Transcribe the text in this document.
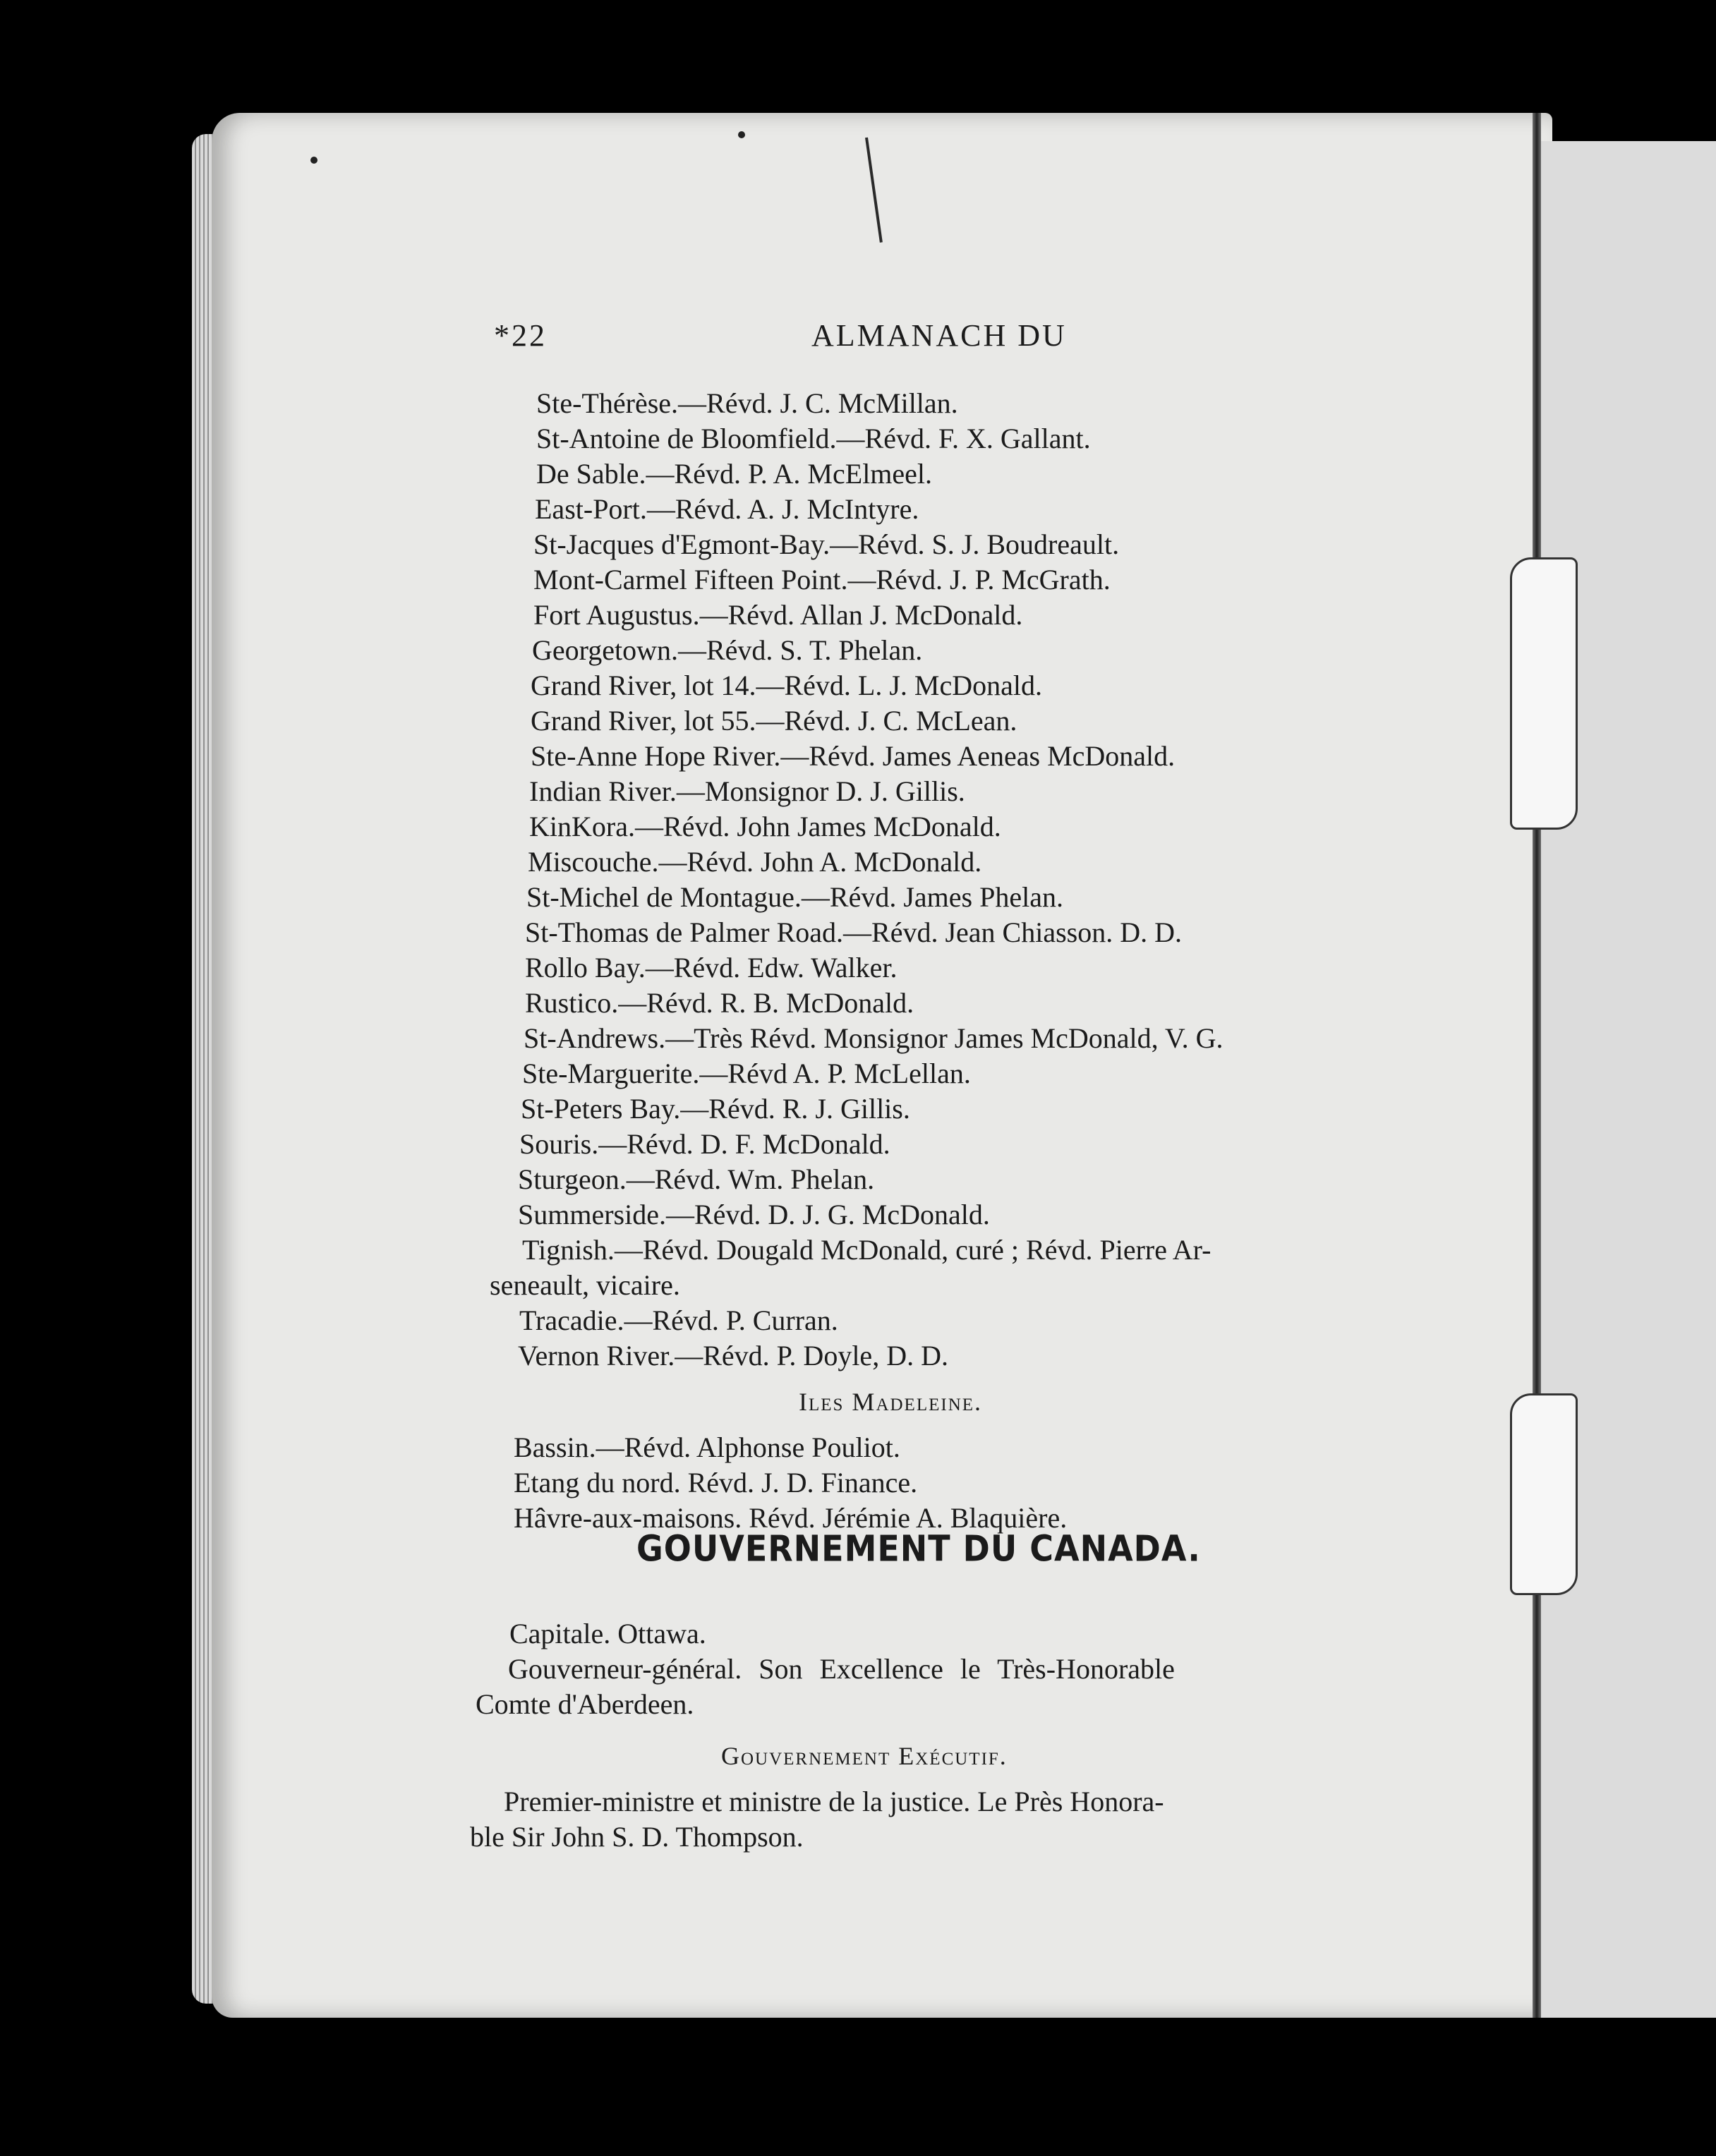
*22	ALMANACH DU
Ste-Thérèse.—Révd. J. C. McMillan.
St-Antoine de Bloomfield.—Révd. F. X. Gallant.
De Sable.—Révd. P. A. McElmeel.
East-Port.—Révd. A. J. McIntyre.
St-Jacques d'Egmont-Bay.—Révd. S. J. Boudreault.
Mont-Carmel Fifteen Point.—Révd. J. P. McGrath.
Fort Augustus.—Révd. Allan J. McDonald.
Georgetown.—Révd. S. T. Phelan.
Grand River, lot 14.—Révd. L. J. McDonald.
Grand River, lot 55.—Révd. J. C. McLean.
Ste-Anne Hope River.—Révd. James Aeneas McDonald.
Indian River.—Monsignor D. J. Gillis.
KinKora.—Révd. John James McDonald.
Miscouche.—Révd. John A. McDonald.
St-Michel de Montague.—Révd. James Phelan.
St-Thomas de Palmer Road.—Révd. Jean Chiasson. D. D.
Rollo Bay.—Révd. Edw. Walker.
Rustico.—Révd. R. B. McDonald.
St-Andrews.—Très Révd. Monsignor James McDonald, V. G.
Ste-Marguerite.—Révd A. P. McLellan.
St-Peters Bay.—Révd. R. J. Gillis.
Souris.—Révd. D. F. McDonald.
Sturgeon.—Révd. Wm. Phelan.
Summerside.—Révd. D. J. G. McDonald.
Tignish.—Révd. Dougald McDonald, curé ; Révd. Pierre Ar-
seneault, vicaire.
Tracadie.—Révd. P. Curran.
Vernon River.—Révd. P. Doyle, D. D.
Iles Madeleine.
Bassin.—Révd. Alphonse Pouliot.
Etang du nord. Révd. J. D. Finance.
Hâvre-aux-maisons. Révd. Jérémie A. Blaquière.
GOUVERNEMENT DU CANADA.
Capitale. Ottawa.
Gouverneur-général. Son Excellence le Très-Honorable
Comte d'Aberdeen.
Gouvernement Exécutif.
Premier-ministre et ministre de la justice. Le Près Honora-
ble Sir John S. D. Thompson.
